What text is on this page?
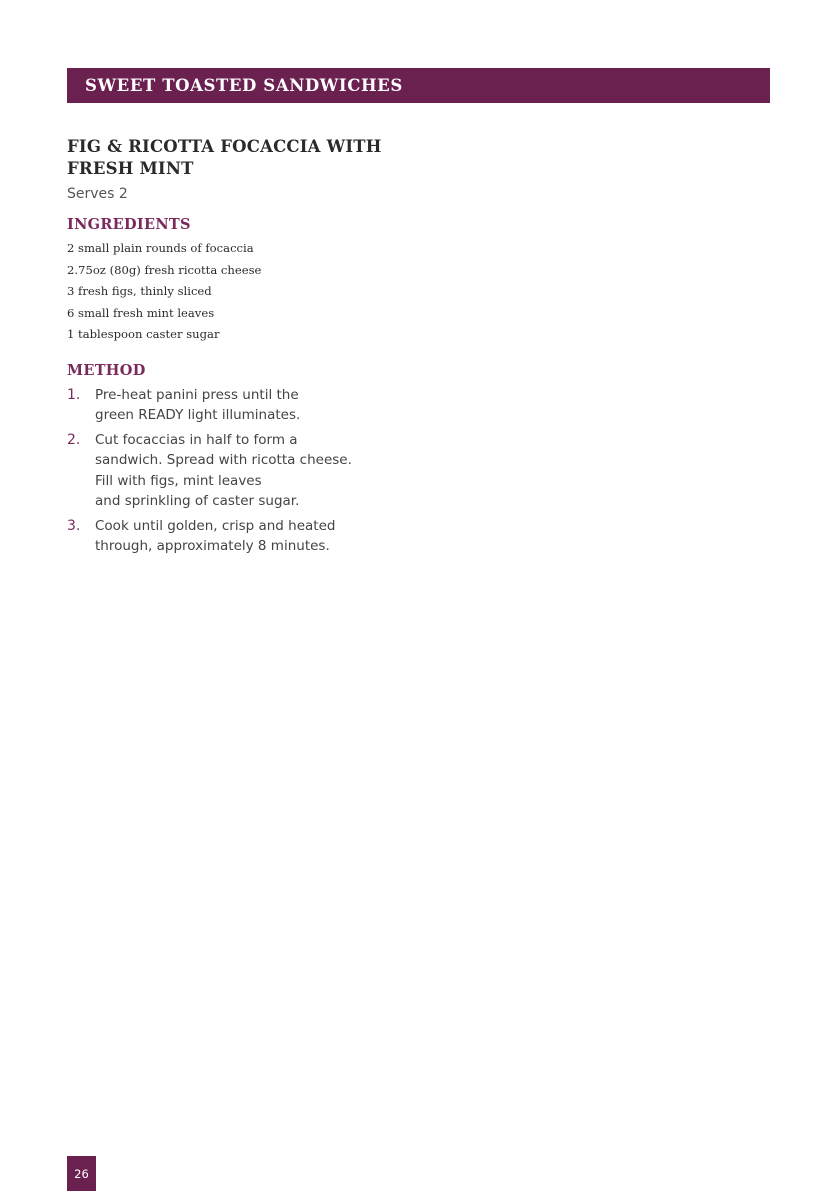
SWEET TOASTED SANDWICHES
FIG & RICOTTA FOCACCIA WITH
FRESH MINT

Serves 2

INGREDIENTS
2 small plain rounds of focaccia
2.75oz (80g) fresh ricotta cheese
3 fresh figs, thinly sliced
6 small fresh mint leaves
1 tablespoon caster sugar
METHOD
1.	Pre-heat panini press until the
green READY light illuminates.
2.	Cut focaccias in half to form a
sandwich. Spread with ricotta cheese.
Fill with figs, mint leaves
and sprinkling of caster sugar.
3.	Cook until golden, crisp and heated
through, approximately 8 minutes.
26
